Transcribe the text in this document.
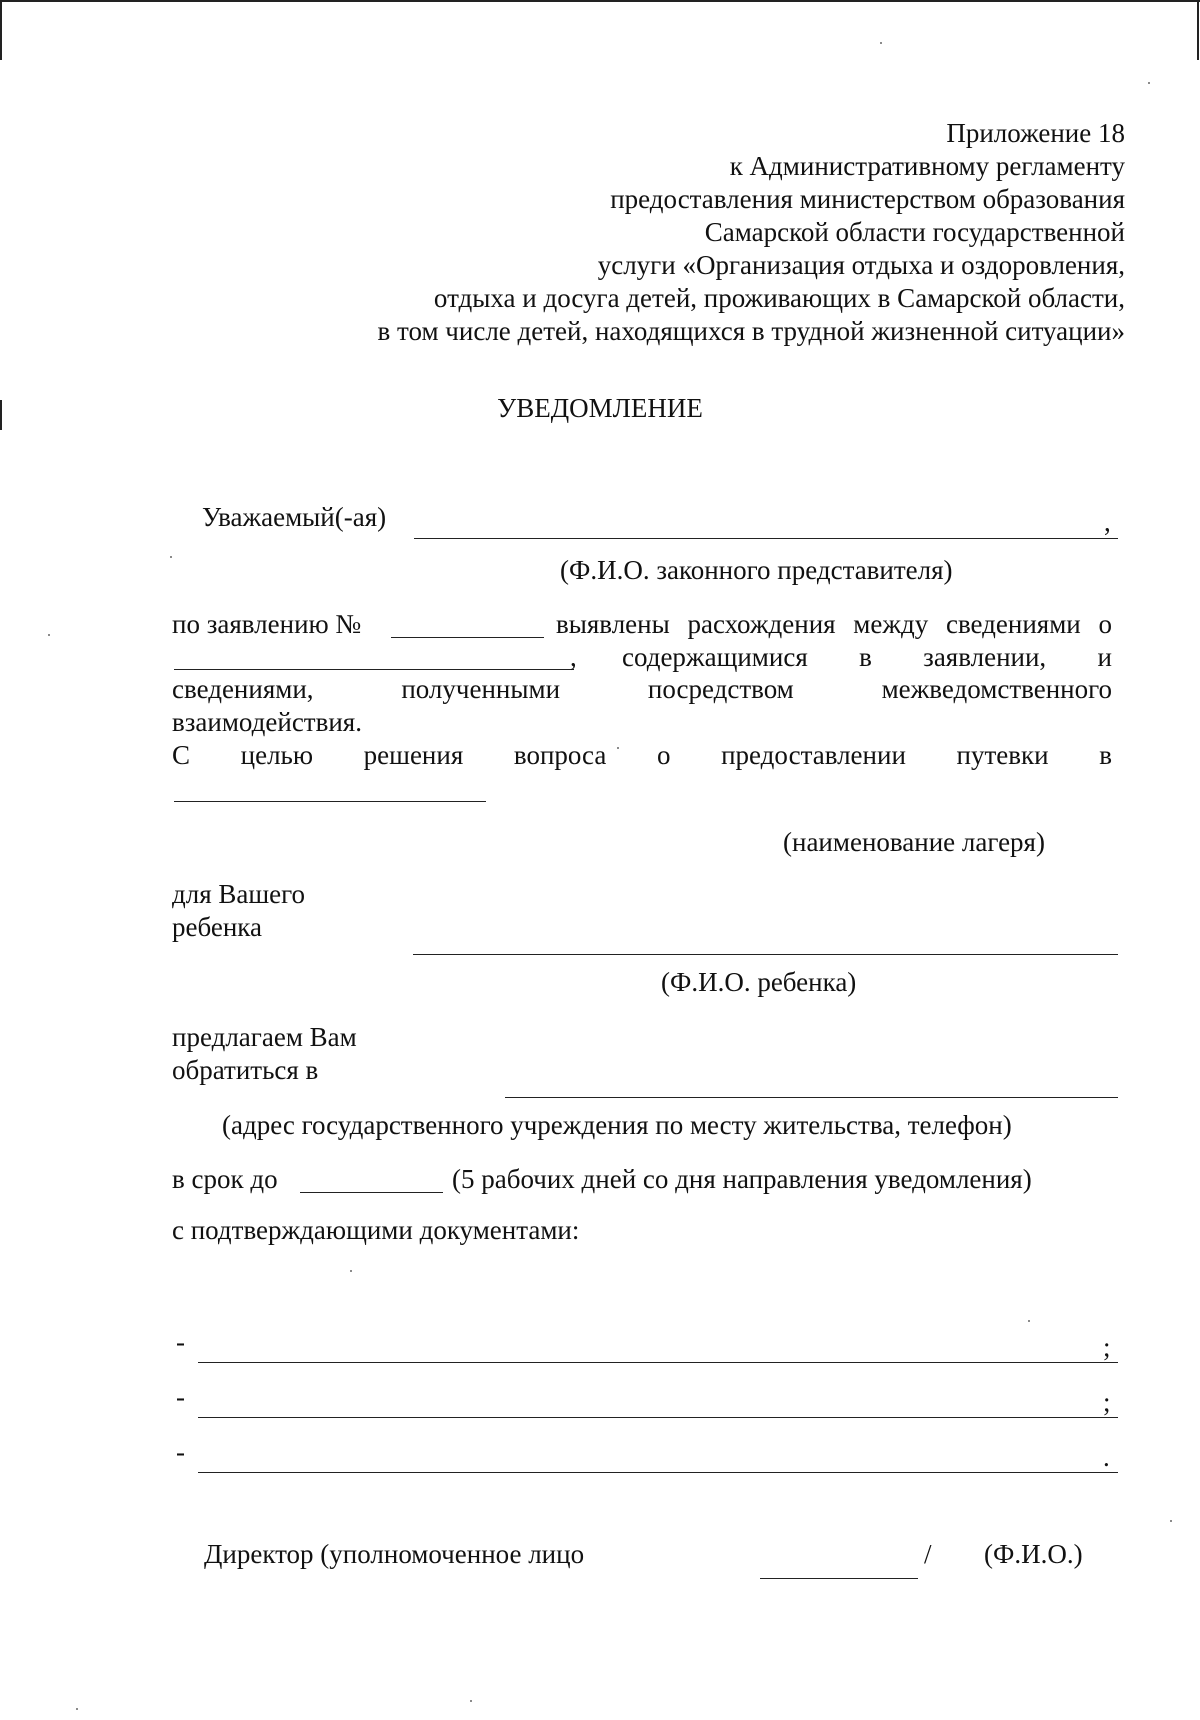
Приложение 18
к Административному регламенту
предоставления министерством образования
Самарской области государственной
услуги «Организация отдыха и оздоровления,
отдыха и досуга детей, проживающих в Самарской области,
в том числе детей, находящихся в трудной жизненной ситуации»
УВЕДОМЛЕНИЕ
Уважаемый(-ая)	,
(Ф.И.О. законного представителя)
по заявлению №	выявлены расхождения между сведениями о
, содержащимися в заявлении, и
сведениями,	полученными	посредством	межведомственного
взаимодействия.
С целью решения вопроса о предоставлении путевки в
(наименование лагеря)
для Вашего
ребенка
(Ф.И.О. ребенка)
предлагаем Вам
обратиться в
(адрес государственного учреждения по месту жительства, телефон)
в срок до	(5 рабочих дней со дня направления уведомления)
с подтверждающими документами:
-	;
-	;
-	.
Директор (уполномоченное лицо	/ (Ф.И.О.)
